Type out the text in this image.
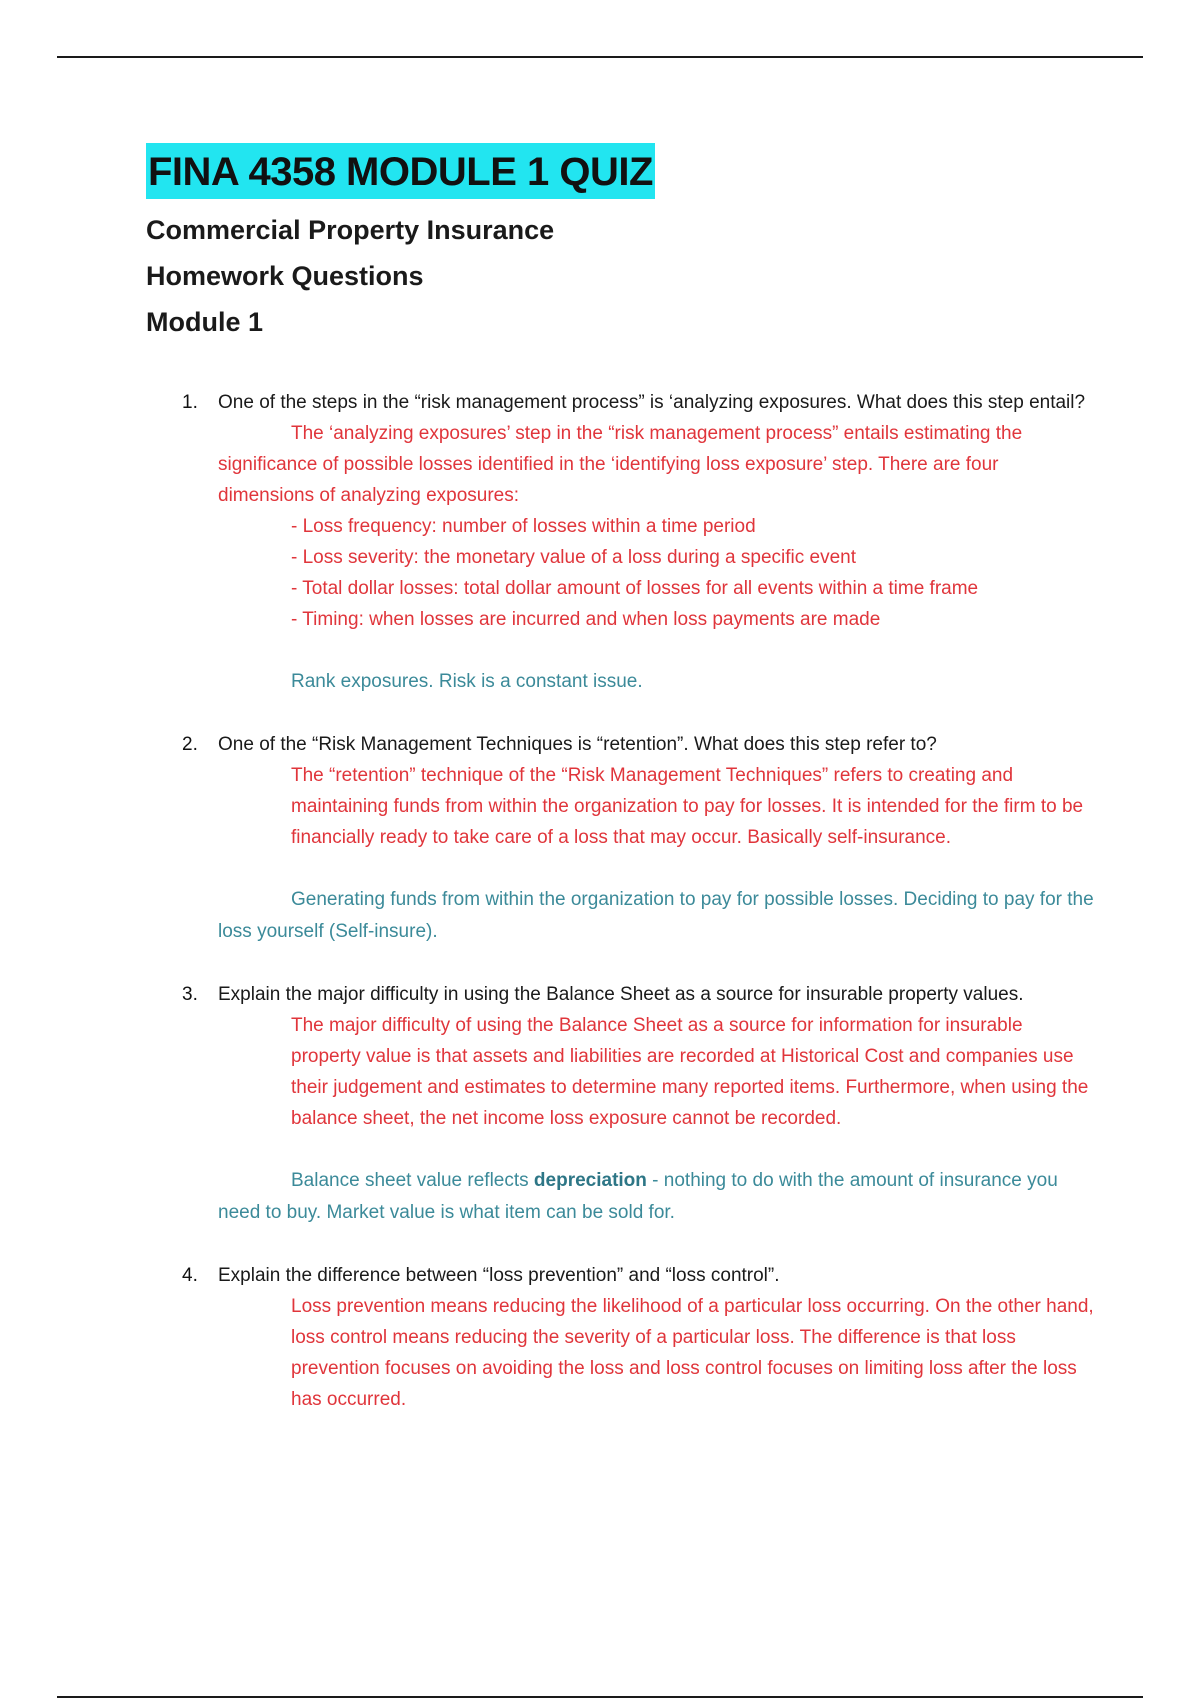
FINA 4358 MODULE 1 QUIZ

Commercial Property Insurance

Homework Questions

Module 1

1. One of the steps in the “risk management process” is ‘analyzing exposures. What does this step entail?
The ‘analyzing exposures’ step in the “risk management process” entails estimating the significance of possible losses identified in the ‘identifying loss exposure’ step. There are four dimensions of analyzing exposures:
- Loss frequency: number of losses within a time period
- Loss severity: the monetary value of a loss during a specific event
- Total dollar losses: total dollar amount of losses for all events within a time frame
- Timing: when losses are incurred and when loss payments are made
Rank exposures. Risk is a constant issue.
2. One of the “Risk Management Techniques is “retention”. What does this step refer to?
The “retention” technique of the “Risk Management Techniques” refers to creating and maintaining funds from within the organization to pay for losses. It is intended for the firm to be financially ready to take care of a loss that may occur. Basically self-insurance.
Generating funds from within the organization to pay for possible losses. Deciding to pay for the loss yourself (Self-insure).
3. Explain the major difficulty in using the Balance Sheet as a source for insurable property values.
The major difficulty of using the Balance Sheet as a source for information for insurable property value is that assets and liabilities are recorded at Historical Cost and companies use their judgement and estimates to determine many reported items. Furthermore, when using the balance sheet, the net income loss exposure cannot be recorded.
Balance sheet value reflects depreciation - nothing to do with the amount of insurance you need to buy. Market value is what item can be sold for.
4. Explain the difference between “loss prevention” and “loss control”.
Loss prevention means reducing the likelihood of a particular loss occurring. On the other hand, loss control means reducing the severity of a particular loss. The difference is that loss prevention focuses on avoiding the loss and loss control focuses on limiting loss after the loss has occurred.
